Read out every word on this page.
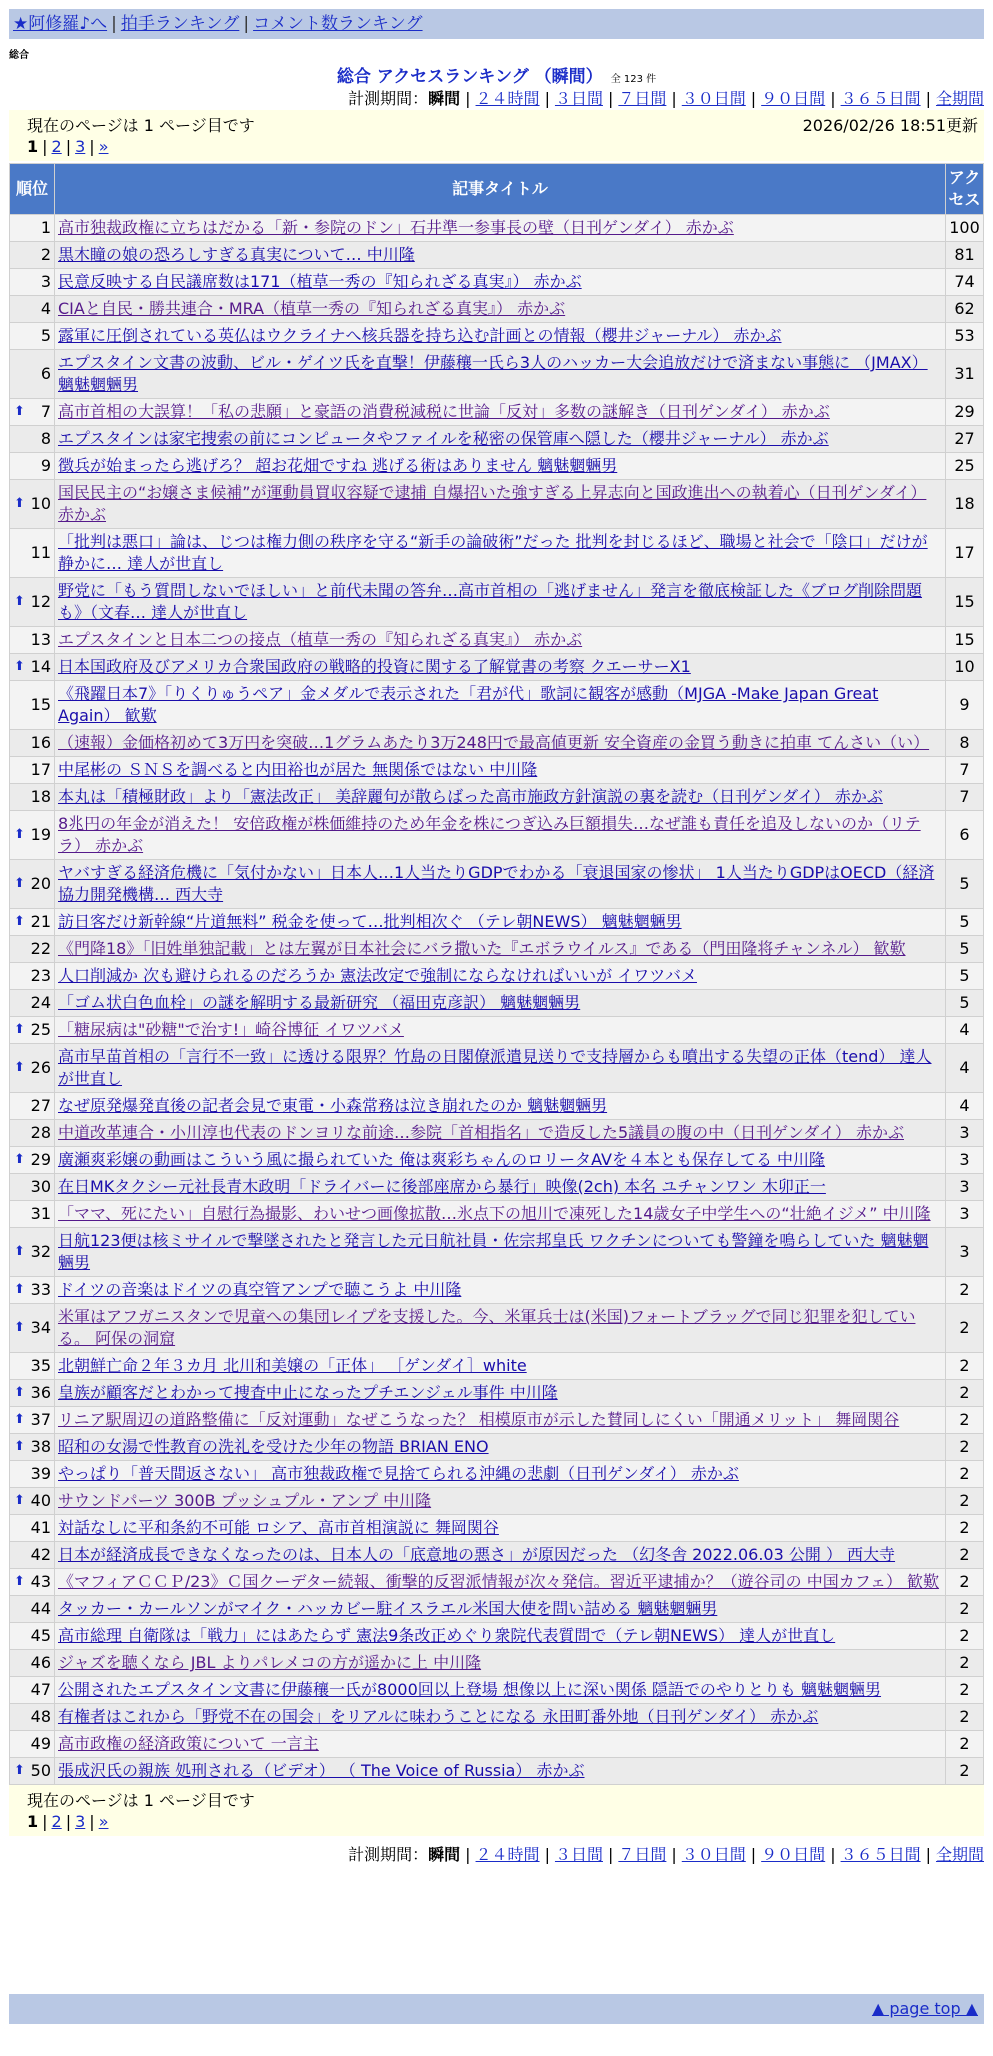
★阿修羅♪へ | 拍手ランキング | コメント数ランキング
総合
総合 アクセスランキング （瞬間） 全 123 件
計測期間：瞬間 | ２４時間 | ３日間 | ７日間 | ３０日間 | ９０日間 | ３６５日間 | 全期間
現在のページは 1 ページ目です	2026/02/26 18:51更新
1 | 2 | 3 | »
順位	記事タイトル	アクセス
1	高市独裁政権に立ちはだかる「新・参院のドン」石井準一参事長の壁（日刊ゲンダイ） 赤かぶ	100
2	黒木瞳の娘の恐ろしすぎる真実について… 中川隆	81
3	民意反映する自民議席数は171（植草一秀の『知られざる真実』） 赤かぶ	74
4	CIAと自民・勝共連合・MRA（植草一秀の『知られざる真実』） 赤かぶ	62
5	露軍に圧倒されている英仏はウクライナへ核兵器を持ち込む計画との情報（櫻井ジャーナル） 赤かぶ	53
6	エプスタイン文書の波動、ビル・ゲイツ氏を直撃！伊藤穰一氏ら3人のハッカー大会追放だけで済まない事態に （JMAX） 魑魅魍魎男	31

⬆ 7	高市首相の大誤算！「私の悲願」と豪語の消費税減税に世論「反対」多数の謎解き（日刊ゲンダイ） 赤かぶ	29
8	エプスタインは家宅捜索の前にコンピュータやファイルを秘密の保管庫へ隠した（櫻井ジャーナル） 赤かぶ	27
9	徴兵が始まったら逃げろ？ 超お花畑ですね 逃げる術はありません 魑魅魍魎男	25

⬆ 10	国民民主の“お嬢さま候補”が運動員買収容疑で逮捕 自爆招いた強すぎる上昇志向と国政進出への執着心（日刊ゲンダイ） 赤かぶ	18
11	「批判は悪口」論は、じつは権力側の秩序を守る“新手の論破術”だった 批判を封じるほど、職場と社会で「陰口」だけが静かに… 達人が世直し	17

⬆ 12	野党に「もう質問しないでほしい」と前代未聞の答弁…高市首相の「逃げません」発言を徹底検証した《ブログ削除問題も》（文春… 達人が世直し	15
13	エプスタインと日本二つの接点（植草一秀の『知られざる真実』） 赤かぶ	15

⬆ 14	日本国政府及びアメリカ合衆国政府の戦略的投資に関する了解覚書の考察 クエーサーX1	10
15	《飛躍日本7》「りくりゅうペア」金メダルで表示された「君が代」歌詞に観客が感動（MJGA -Make Japan Great Again） 歓歎	9
16	（速報）金価格初めて3万円を突破…1グラムあたり3万248円で最高値更新 安全資産の金買う動きに拍車 てんさい（い）	8
17	中尾彬の ＳＮＳを調べると内田裕也が居た 無関係ではない 中川隆	7
18	本丸は「積極財政」より「憲法改正」 美辞麗句が散らばった高市施政方針演説の裏を読む（日刊ゲンダイ） 赤かぶ	7

⬆ 19	8兆円の年金が消えた！ 安倍政権が株価維持のため年金を株につぎ込み巨額損失…なぜ誰も責任を追及しないのか（リテラ） 赤かぶ	6

⬆ 20	ヤバすぎる経済危機に「気付かない」日本人…1人当たりGDPでわかる「衰退国家の惨状」 1人当たりGDPはOECD（経済協力開発機構… 西大寺	5

⬆ 21	訪日客だけ新幹線“片道無料” 税金を使って…批判相次ぐ （テレ朝NEWS） 魑魅魍魎男	5
22	《門降18》「旧姓単独記載」とは左翼が日本社会にバラ撒いた『エボラウイルス』である（門田隆将チャンネル） 歓歎	5
23	人口削減か 次も避けられるのだろうか 憲法改定で強制にならなければいいが イワツバメ	5
24	「ゴム状白色血栓」の謎を解明する最新研究 （福田克彦訳） 魑魅魍魎男	5

⬆ 25	「糖尿病は"砂糖"で治す!」崎谷博征 イワツバメ	4

⬆ 26	高市早苗首相の「言行不一致」に透ける限界？竹島の日閣僚派遣見送りで支持層からも噴出する失望の正体（tend） 達人が世直し	4
27	なぜ原発爆発直後の記者会見で東電・小森常務は泣き崩れたのか 魑魅魍魎男	4
28	中道改革連合・小川淳也代表のドンヨリな前途…参院「首相指名」で造反した5議員の腹の中（日刊ゲンダイ） 赤かぶ	3

⬆ 29	廣瀬爽彩嬢の動画はこういう風に撮られていた 俺は爽彩ちゃんのロリータAVを４本とも保存してる 中川隆	3
30	在日MKタクシー元社長青木政明「ドライバーに後部座席から暴行」映像(2ch) 本名 ユチャンワン 木卯正一	3
31	「ママ、死にたい」自慰行為撮影、わいせつ画像拡散…氷点下の旭川で凍死した14歳女子中学生への“壮絶イジメ” 中川隆	3

⬆ 32	日航123便は核ミサイルで撃墜されたと発言した元日航社員・佐宗邦皇氏 ワクチンについても警鐘を鳴らしていた 魑魅魍魎男	3

⬆ 33	ドイツの音楽はドイツの真空管アンプで聴こうよ 中川隆	2

⬆ 34	米軍はアフガニスタンで児童への集団レイプを支援した。今、米軍兵士は(米国)フォートブラッグで同じ犯罪を犯している。 阿保の洞窟	2
35	北朝鮮亡命２年３カ月 北川和美嬢の「正体」 ［ゲンダイ］white	2

⬆ 36	皇族が顧客だとわかって捜査中止になったプチエンジェル事件 中川隆	2

⬆ 37	リニア駅周辺の道路整備に「反対運動」なぜこうなった？ 相模原市が示した賛同しにくい「開通メリット」 舞岡関谷	2

⬆ 38	昭和の女湯で性教育の洗礼を受けた少年の物語 BRIAN ENO	2
39	やっぱり「普天間返さない」 高市独裁政権で見捨てられる沖縄の悲劇（日刊ゲンダイ） 赤かぶ	2

⬆ 40	サウンドパーツ 300B プッシュプル・アンプ 中川隆	2
41	対話なしに平和条約不可能 ロシア、高市首相演説に 舞岡関谷	2
42	日本が経済成長できなくなったのは、日本人の「底意地の悪さ」が原因だった （幻冬舎 2022.06.03 公開 ） 西大寺	2

⬆ 43	《マフィアＣＣＰ/23》Ｃ国クーデター続報、衝撃的反習派情報が次々発信。習近平逮捕か？（遊谷司の 中国カフェ） 歓歎	2
44	タッカー・カールソンがマイク・ハッカビー駐イスラエル米国大使を問い詰める 魑魅魍魎男	2
45	高市総理 自衛隊は「戦力」にはあたらず 憲法9条改正めぐり衆院代表質問で（テレ朝NEWS） 達人が世直し	2
46	ジャズを聴くなら JBL よりパレメコの方が遥かに上 中川隆	2
47	公開されたエプスタイン文書に伊藤穰一氏が8000回以上登場 想像以上に深い関係 隠語でのやりとりも 魑魅魍魎男	2
48	有権者はこれから「野党不在の国会」をリアルに味わうことになる 永田町番外地（日刊ゲンダイ） 赤かぶ	2
49	高市政権の経済政策について 一言主	2

⬆ 50	張成沢氏の親族 処刑される（ビデオ） （ The Voice of Russia） 赤かぶ	2
現在のページは 1 ページ目です
1 | 2 | 3 | »
計測期間：瞬間 | ２４時間 | ３日間 | ７日間 | ３０日間 | ９０日間 | ３６５日間 | 全期間
▲ page top ▲
